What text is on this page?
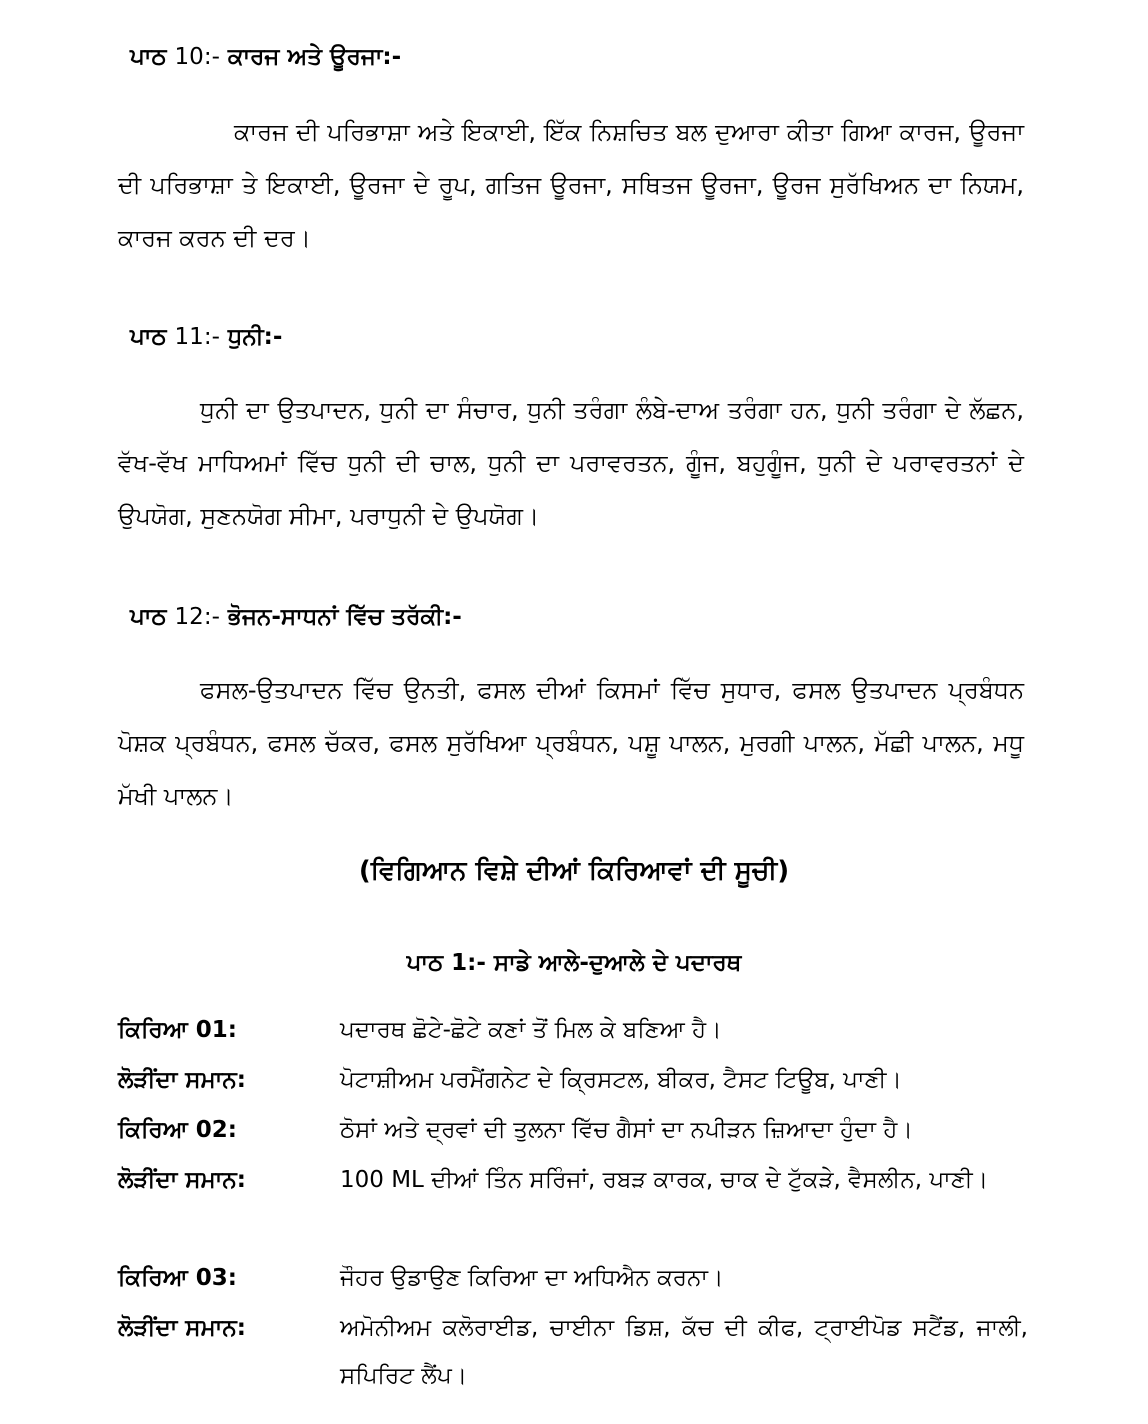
ਪਾਠ 10:- ਕਾਰਜ ਅਤੇ ਊਰਜਾ:-
ਕਾਰਜ ਦੀ ਪਰਿਭਾਸ਼ਾ ਅਤੇ ਇਕਾਈ, ਇੱਕ ਨਿਸ਼ਚਿਤ ਬਲ ਦੁਆਰਾ ਕੀਤਾ ਗਿਆ ਕਾਰਜ, ਊਰਜਾ ਦੀ ਪਰਿਭਾਸ਼ਾ ਤੇ ਇਕਾਈ, ਊਰਜਾ ਦੇ ਰੂਪ, ਗਤਿਜ ਊਰਜਾ, ਸਥਿਤਜ ਊਰਜਾ, ਊਰਜ ਸੁਰੱਖਿਅਨ ਦਾ ਨਿਯਮ, ਕਾਰਜ ਕਰਨ ਦੀ ਦਰ।
ਪਾਠ 11:- ਧੁਨੀ:-
ਧੁਨੀ ਦਾ ਉਤਪਾਦਨ, ਧੁਨੀ ਦਾ ਸੰਚਾਰ, ਧੁਨੀ ਤਰੰਗਾ ਲੰਬੇ-ਦਾਅ ਤਰੰਗਾ ਹਨ, ਧੁਨੀ ਤਰੰਗਾ ਦੇ ਲੱਛਨ, ਵੱਖ-ਵੱਖ ਮਾਧਿਅਮਾਂ ਵਿੱਚ ਧੁਨੀ ਦੀ ਚਾਲ, ਧੁਨੀ ਦਾ ਪਰਾਵਰਤਨ, ਗੂੰਜ, ਬਹੁਗੂੰਜ, ਧੁਨੀ ਦੇ ਪਰਾਵਰਤਨਾਂ ਦੇ ਉਪਯੋਗ, ਸੁਣਨਯੋਗ ਸੀਮਾ, ਪਰਾਧੁਨੀ ਦੇ ਉਪਯੋਗ।
ਪਾਠ 12:- ਭੋਜਨ-ਸਾਧਨਾਂ ਵਿੱਚ ਤਰੱਕੀ:-
ਫਸਲ-ਉਤਪਾਦਨ ਵਿੱਚ ਉਨਤੀ, ਫਸਲ ਦੀਆਂ ਕਿਸਮਾਂ ਵਿੱਚ ਸੁਧਾਰ, ਫਸਲ ਉਤਪਾਦਨ ਪ੍ਰਬੰਧਨ ਪੋਸ਼ਕ ਪ੍ਰਬੰਧਨ, ਫਸਲ ਚੱਕਰ, ਫਸਲ ਸੁਰੱਖਿਆ ਪ੍ਰਬੰਧਨ, ਪਸ਼ੂ ਪਾਲਨ, ਮੁਰਗੀ ਪਾਲਨ, ਮੱਛੀ ਪਾਲਨ, ਮਧੂ ਮੱਖੀ ਪਾਲਨ।
(ਵਿਗਿਆਨ ਵਿਸ਼ੇ ਦੀਆਂ ਕਿਰਿਆਵਾਂ ਦੀ ਸੂਚੀ)
ਪਾਠ 1:- ਸਾਡੇ ਆਲੇ-ਦੁਆਲੇ ਦੇ ਪਦਾਰਥ
ਕਿਰਿਆ 01:	ਪਦਾਰਥ ਛੋਟੇ-ਛੋਟੇ ਕਣਾਂ ਤੋਂ ਮਿਲ ਕੇ ਬਣਿਆ ਹੈ।
ਲੋੜੀਂਦਾ ਸਮਾਨ:	ਪੋਟਾਸ਼ੀਅਮ ਪਰਮੈਂਗਨੇਟ ਦੇ ਕ੍ਰਿਸਟਲ, ਬੀਕਰ, ਟੈਸਟ ਟਿਊਬ, ਪਾਣੀ।
ਕਿਰਿਆ 02:	ਠੋਸਾਂ ਅਤੇ ਦ੍ਰਵਾਂ ਦੀ ਤੁਲਨਾ ਵਿੱਚ ਗੈਸਾਂ ਦਾ ਨਪੀੜਨ ਜ਼ਿਆਦਾ ਹੁੰਦਾ ਹੈ।
ਲੋੜੀਂਦਾ ਸਮਾਨ:	100 ML ਦੀਆਂ ਤਿੰਨ ਸਰਿੰਜਾਂ, ਰਬੜ ਕਾਰਕ, ਚਾਕ ਦੇ ਟੁੱਕੜੇ, ਵੈਸਲੀਨ, ਪਾਣੀ।
ਕਿਰਿਆ 03:	ਜੌਹਰ ਉਡਾਉਣ ਕਿਰਿਆ ਦਾ ਅਧਿਐਨ ਕਰਨਾ।
ਲੋੜੀਂਦਾ ਸਮਾਨ:	ਅਮੋਨੀਅਮ ਕਲੋਰਾਈਡ, ਚਾਈਨਾ ਡਿਸ਼, ਕੱਚ ਦੀ ਕੀਫ, ਟ੍ਰਾਈਪੋਡ ਸਟੈਂਡ, ਜਾਲੀ, ਸਪਿਰਿਟ ਲੈਂਪ।
